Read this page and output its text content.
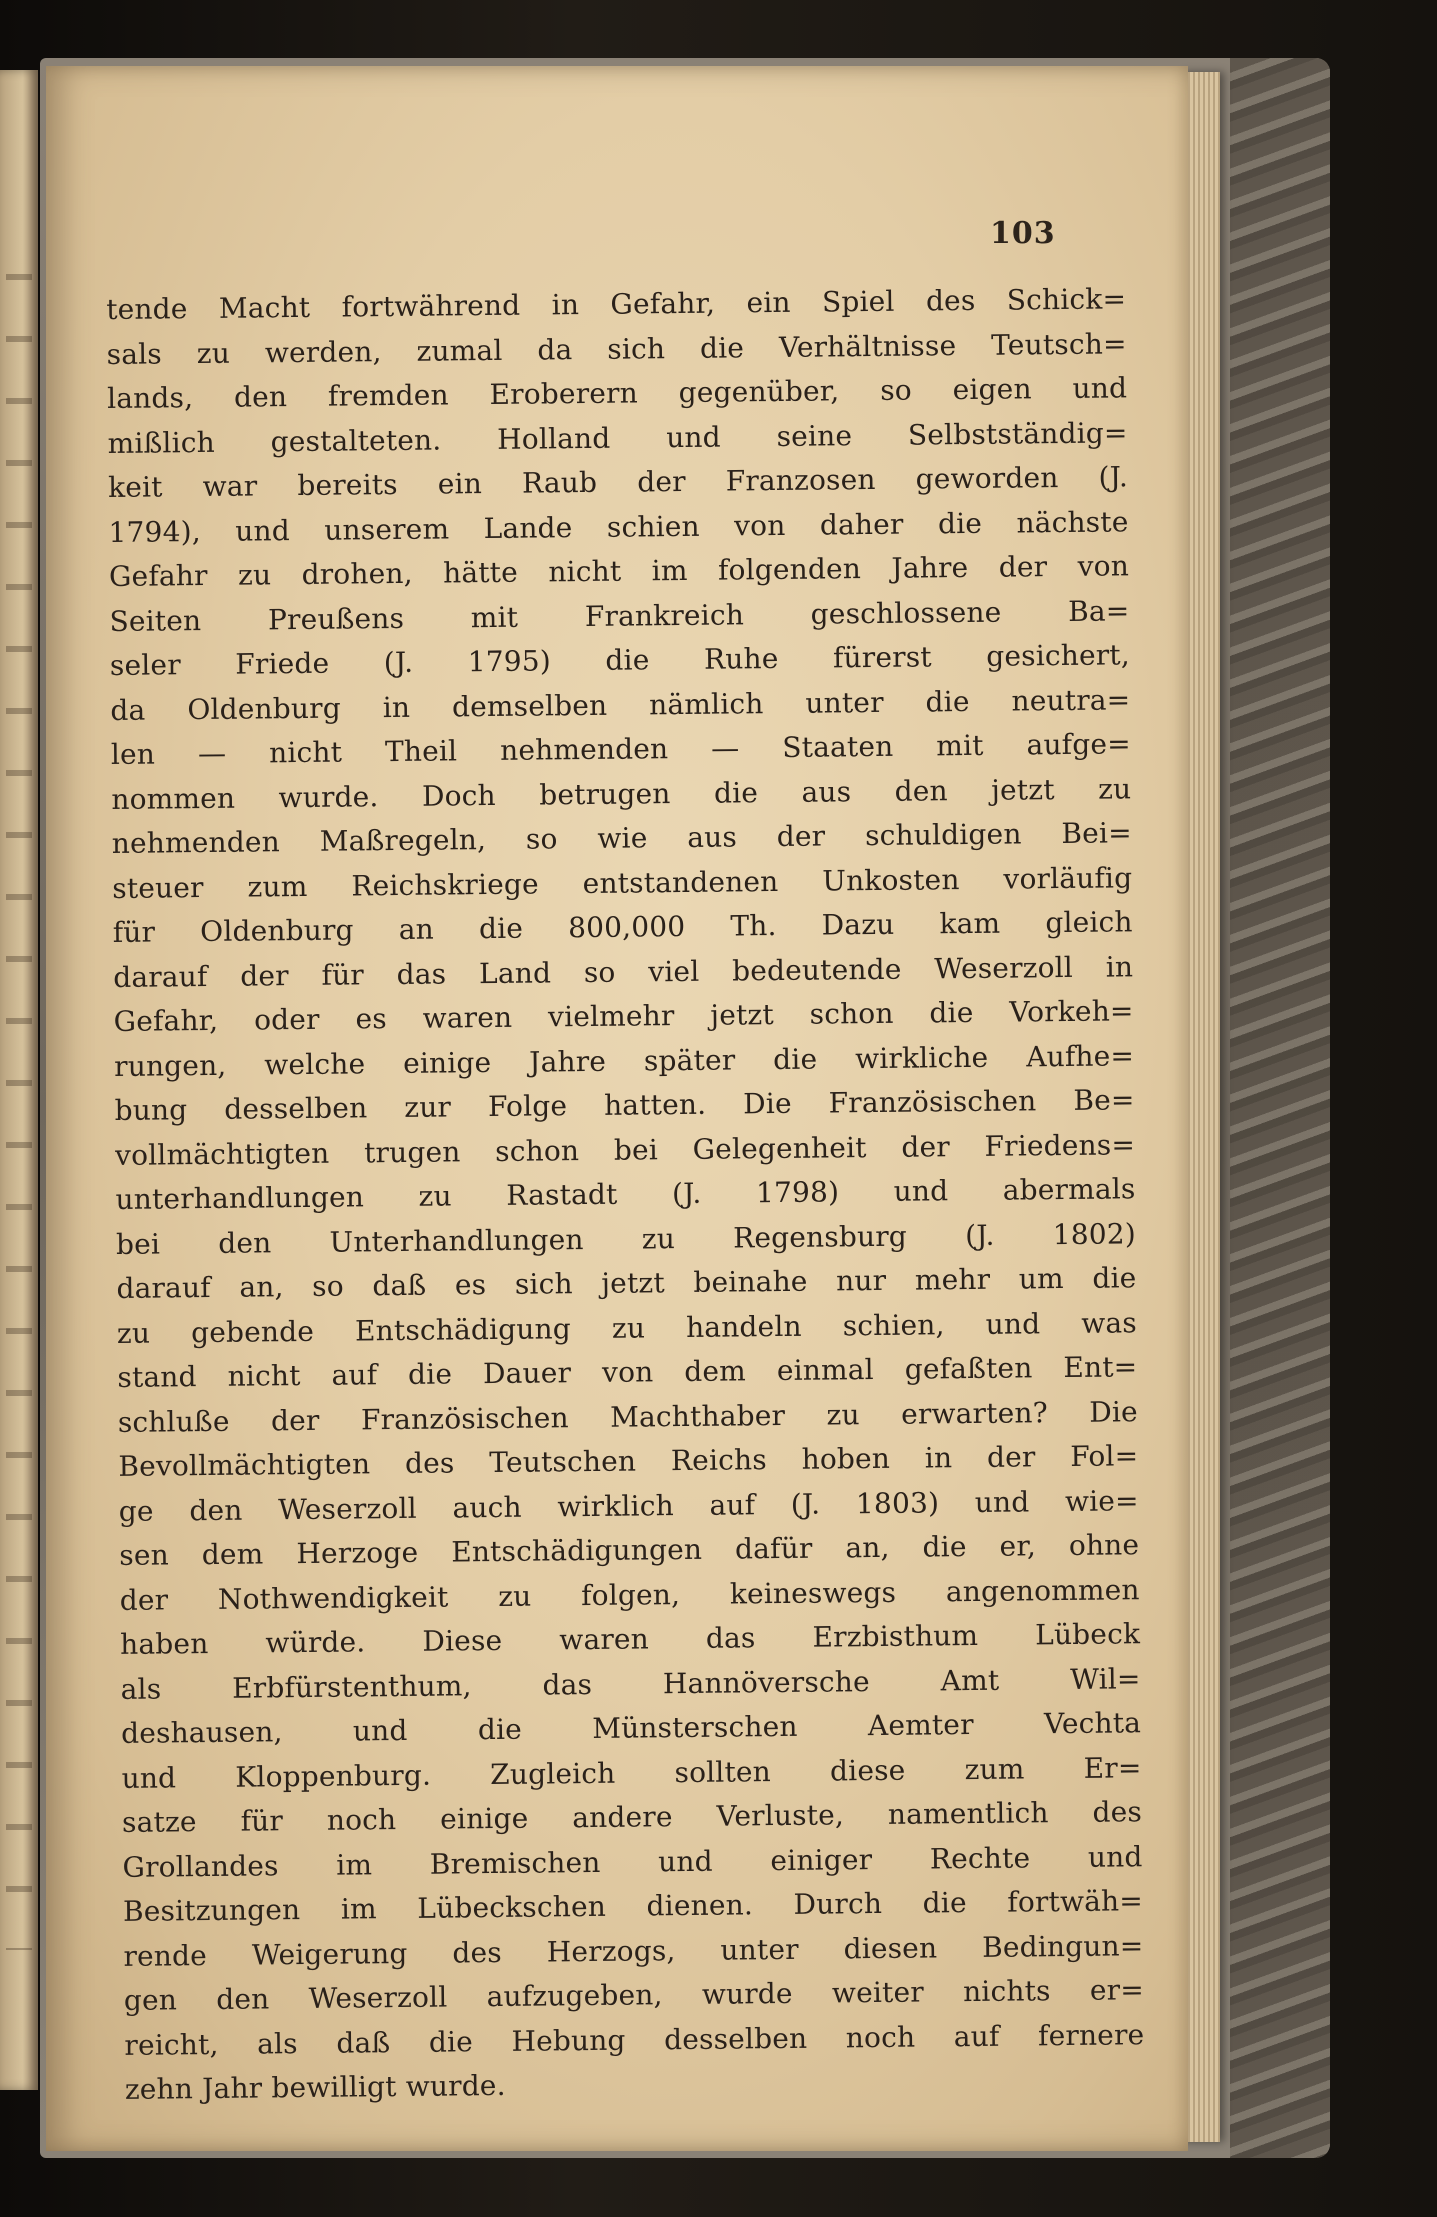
103
tende Macht fortwährend in Gefahr, ein Spiel des Schick=
sals zu werden, zumal da sich die Verhältnisse Teutsch=
lands, den fremden Eroberern gegenüber, so eigen und
mißlich gestalteten. Holland und seine Selbstständig=
keit war bereits ein Raub der Franzosen geworden (J.
1794), und unserem Lande schien von daher die nächste
Gefahr zu drohen, hätte nicht im folgenden Jahre der von
Seiten Preußens mit Frankreich geschlossene Ba=
seler Friede (J. 1795) die Ruhe fürerst gesichert,
da Oldenburg in demselben nämlich unter die neutra=
len — nicht Theil nehmenden — Staaten mit aufge=
nommen wurde. Doch betrugen die aus den jetzt zu
nehmenden Maßregeln, so wie aus der schuldigen Bei=
steuer zum Reichskriege entstandenen Unkosten vorläufig
für Oldenburg an die 800,000 Th. Dazu kam gleich
darauf der für das Land so viel bedeutende Weserzoll in
Gefahr, oder es waren vielmehr jetzt schon die Vorkeh=
rungen, welche einige Jahre später die wirkliche Aufhe=
bung desselben zur Folge hatten. Die Französischen Be=
vollmächtigten trugen schon bei Gelegenheit der Friedens=
unterhandlungen zu Rastadt (J. 1798) und abermals
bei den Unterhandlungen zu Regensburg (J. 1802)
darauf an, so daß es sich jetzt beinahe nur mehr um die
zu gebende Entschädigung zu handeln schien, und was
stand nicht auf die Dauer von dem einmal gefaßten Ent=
schluße der Französischen Machthaber zu erwarten? Die
Bevollmächtigten des Teutschen Reichs hoben in der Fol=
ge den Weserzoll auch wirklich auf (J. 1803) und wie=
sen dem Herzoge Entschädigungen dafür an, die er, ohne
der Nothwendigkeit zu folgen, keineswegs angenommen
haben würde. Diese waren das Erzbisthum Lübeck
als Erbfürstenthum, das Hannöversche Amt Wil=
deshausen, und die Münsterschen Aemter Vechta
und Kloppenburg. Zugleich sollten diese zum Er=
satze für noch einige andere Verluste, namentlich des
Grollandes im Bremischen und einiger Rechte und
Besitzungen im Lübeckschen dienen. Durch die fortwäh=
rende Weigerung des Herzogs, unter diesen Bedingun=
gen den Weserzoll aufzugeben, wurde weiter nichts er=
reicht, als daß die Hebung desselben noch auf fernere
zehn Jahr bewilligt wurde.
